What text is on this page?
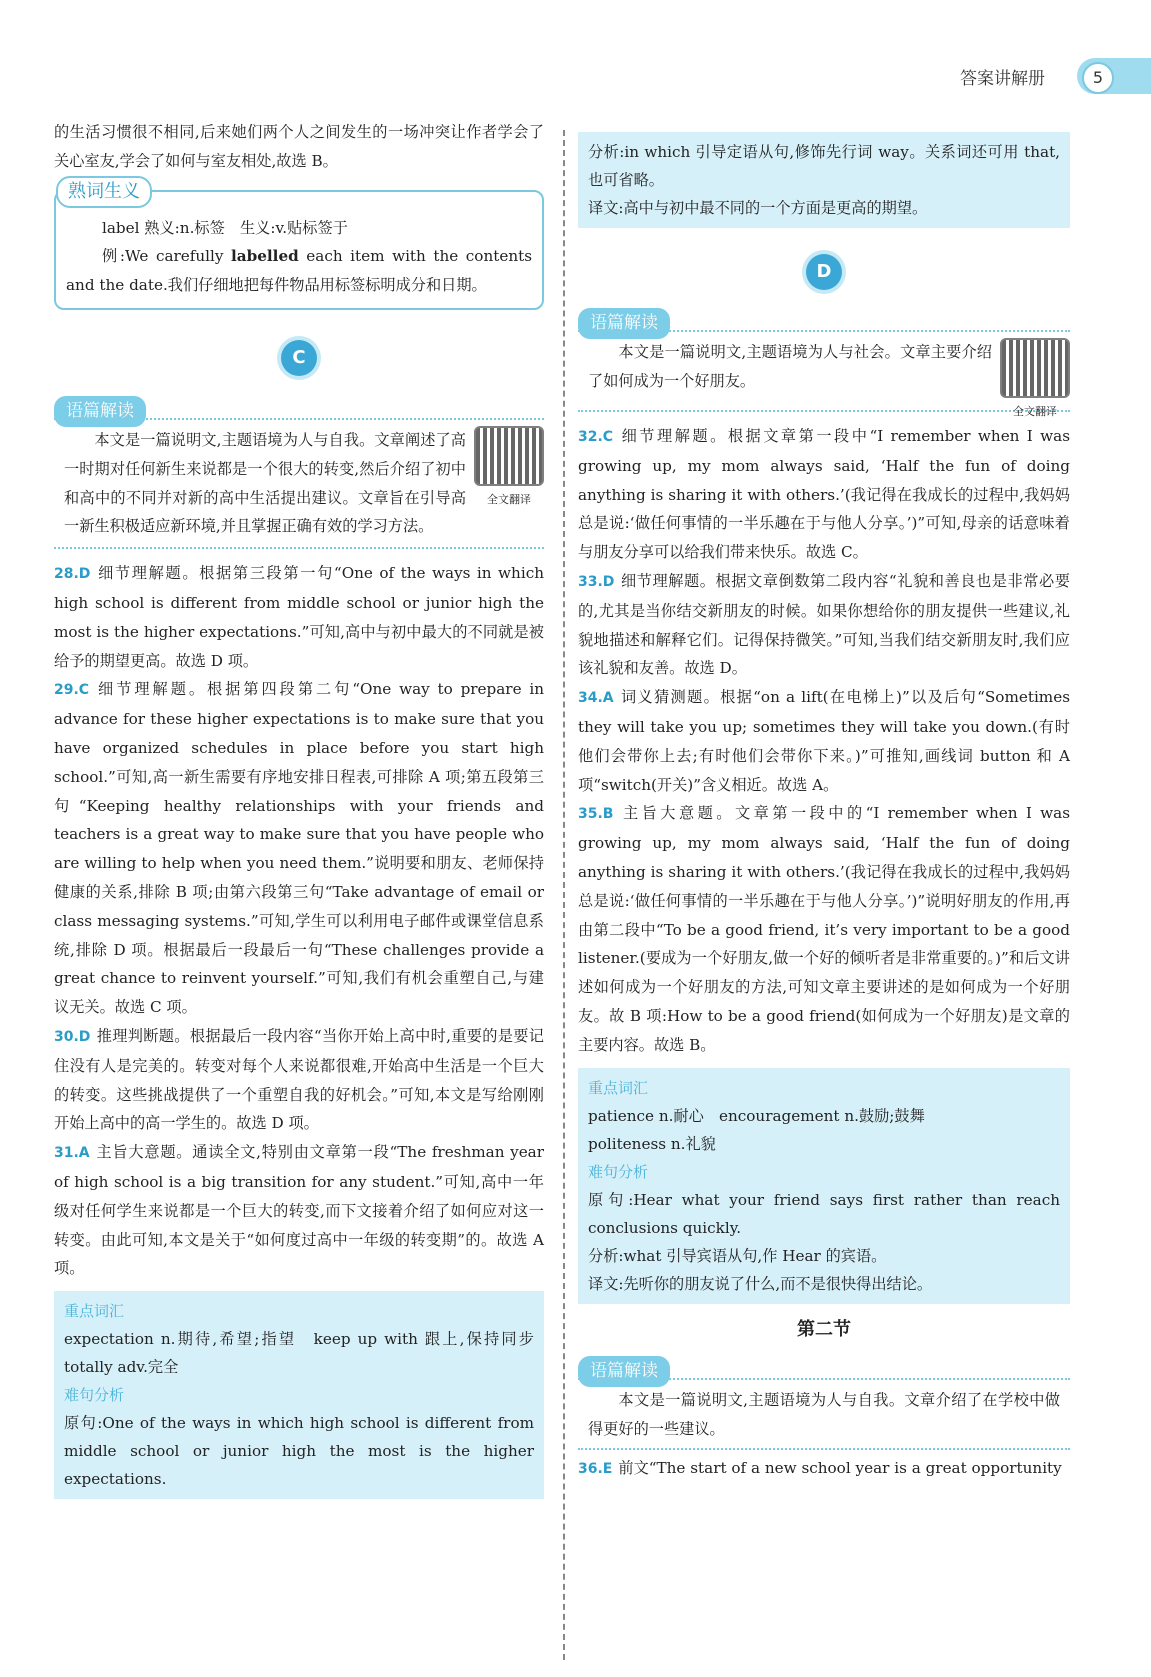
答案讲解册	5

的生活习惯很不相同,后来她们两个人之间发生的一场冲突让作者学会了关心室友,学会了如何与室友相处,故选 B。

熟词生义

label 熟义:n.标签　生义:v.贴标签于

例:We carefully labelled each item with the contents and the date.我们仔细地把每件物品用标签标明成分和日期。

C
语篇解读
全文翻译

本文是一篇说明文,主题语境为人与自我。文章阐述了高一时期对任何新生来说都是一个很大的转变,然后介绍了初中和高中的不同并对新的高中生活提出建议。文章旨在引导高一新生积极适应新环境,并且掌握正确有效的学习方法。

28.D 细节理解题。根据第三段第一句“One of the ways in which high school is different from middle school or junior high the most is the higher expectations.”可知,高中与初中最大的不同就是被给予的期望更高。故选 D 项。

29.C 细节理解题。根据第四段第二句“One way to prepare in advance for these higher expectations is to make sure that you have organized schedules in place before you start high school.”可知,高一新生需要有序地安排日程表,可排除 A 项;第五段第三句“Keeping healthy relationships with your friends and teachers is a great way to make sure that you have people who are willing to help when you need them.”说明要和朋友、老师保持健康的关系,排除 B 项;由第六段第三句“Take advantage of email or class messaging systems.”可知,学生可以利用电子邮件或课堂信息系统,排除 D 项。根据最后一段最后一句“These challenges provide a great chance to reinvent yourself.”可知,我们有机会重塑自己,与建议无关。故选 C 项。

30.D 推理判断题。根据最后一段内容“当你开始上高中时,重要的是要记住没有人是完美的。转变对每个人来说都很难,开始高中生活是一个巨大的转变。这些挑战提供了一个重塑自我的好机会。”可知,本文是写给刚刚开始上高中的高一学生的。故选 D 项。

31.A 主旨大意题。通读全文,特别由文章第一段“The freshman year of high school is a big transition for any student.”可知,高中一年级对任何学生来说都是一个巨大的转变,而下文接着介绍了如何应对这一转变。由此可知,本文是关于“如何度过高中一年级的转变期”的。故选 A 项。

重点词汇

expectation n.期待,希望;指望　keep up with 跟上,保持同步　totally adv.完全

难句分析

原句:One of the ways in which high school is different from middle school or junior high the most is the higher expectations.

分析:in which 引导定语从句,修饰先行词 way。关系词还可用 that,也可省略。

译文:高中与初中最不同的一个方面是更高的期望。

D
语篇解读
全文翻译

本文是一篇说明文,主题语境为人与社会。文章主要介绍了如何成为一个好朋友。

32.C 细节理解题。根据文章第一段中“I remember when I was growing up, my mom always said, ‘Half the fun of doing anything is sharing it with others.’(我记得在我成长的过程中,我妈妈总是说:‘做任何事情的一半乐趣在于与他人分享。’)”可知,母亲的话意味着与朋友分享可以给我们带来快乐。故选 C。

33.D 细节理解题。根据文章倒数第二段内容“礼貌和善良也是非常必要的,尤其是当你结交新朋友的时候。如果你想给你的朋友提供一些建议,礼貌地描述和解释它们。记得保持微笑。”可知,当我们结交新朋友时,我们应该礼貌和友善。故选 D。

34.A 词义猜测题。根据“on a lift(在电梯上)”以及后句“Sometimes they will take you up; sometimes they will take you down.(有时他们会带你上去;有时他们会带你下来。)”可推知,画线词 button 和 A 项“switch(开关)”含义相近。故选 A。

35.B 主旨大意题。文章第一段中的“I remember when I was growing up, my mom always said, ‘Half the fun of doing anything is sharing it with others.’(我记得在我成长的过程中,我妈妈总是说:‘做任何事情的一半乐趣在于与他人分享。’)”说明好朋友的作用,再由第二段中“To be a good friend, it’s very important to be a good listener.(要成为一个好朋友,做一个好的倾听者是非常重要的。)”和后文讲述如何成为一个好朋友的方法,可知文章主要讲述的是如何成为一个好朋友。故 B 项:How to be a good friend(如何成为一个好朋友)是文章的主要内容。故选 B。

重点词汇

patience n.耐心　encouragement n.鼓励;鼓舞

politeness n.礼貌

难句分析

原句:Hear what your friend says first rather than reach conclusions quickly.

分析:what 引导宾语从句,作 Hear 的宾语。

译文:先听你的朋友说了什么,而不是很快得出结论。

第二节
语篇解读

本文是一篇说明文,主题语境为人与自我。文章介绍了在学校中做得更好的一些建议。

36.E 前文“The start of a new school year is a great opportunity
